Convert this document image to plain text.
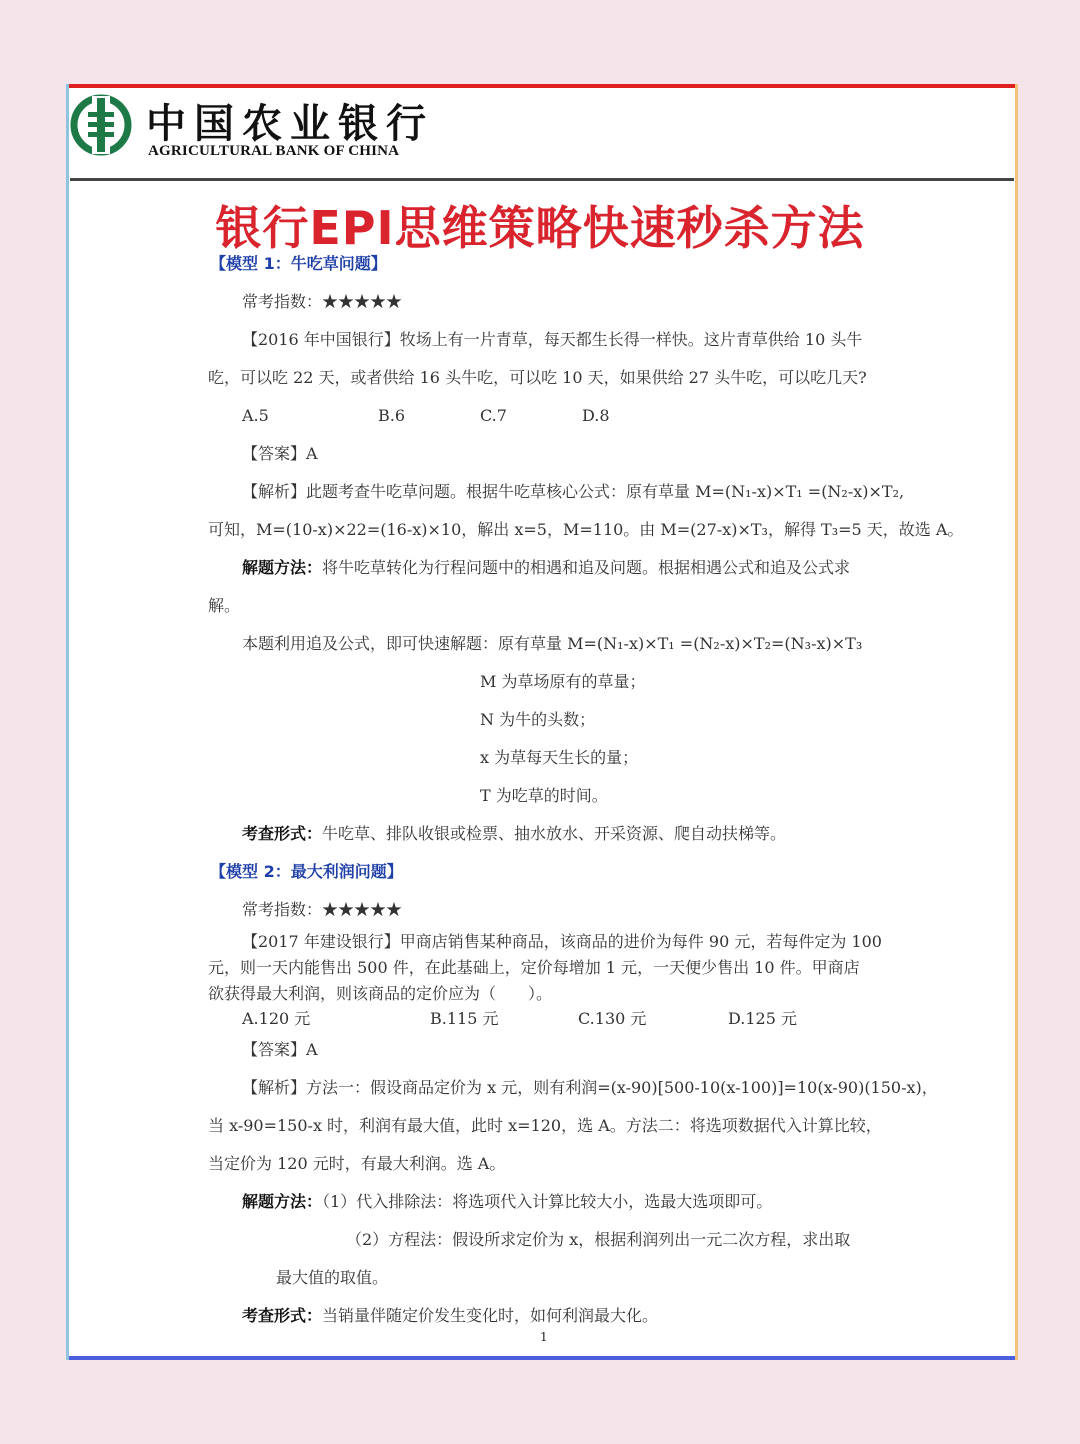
中国农业银行
AGRICULTURAL BANK OF CHINA
银行EPI思维策略快速秒杀方法
【模型 1：牛吃草问题】
常考指数：★★★★★
【2016 年中国银行】牧场上有一片青草，每天都生长得一样快。这片青草供给 10 头牛
吃，可以吃 22 天，或者供给 16 头牛吃，可以吃 10 天，如果供给 27 头牛吃，可以吃几天?
A.5	B.6	C.7	D.8
【答案】A
【解析】此题考查牛吃草问题。根据牛吃草核心公式：原有草量 M=(N₁-x)×T₁ =(N₂-x)×T₂,
可知，M=(10-x)×22=(16-x)×10，解出 x=5，M=110。由 M=(27-x)×T₃，解得 T₃=5 天，故选 A。
解题方法：将牛吃草转化为行程问题中的相遇和追及问题。根据相遇公式和追及公式求
解。
本题利用追及公式，即可快速解题：原有草量 M=(N₁-x)×T₁ =(N₂-x)×T₂=(N₃-x)×T₃
M 为草场原有的草量；
N 为牛的头数；
x 为草每天生长的量；
T 为吃草的时间。
考查形式：牛吃草、排队收银或检票、抽水放水、开采资源、爬自动扶梯等。
【模型 2：最大利润问题】
常考指数：★★★★★
【2017 年建设银行】甲商店销售某种商品，该商品的进价为每件 90 元，若每件定为 100
元，则一天内能售出 500 件，在此基础上，定价每增加 1 元，一天便少售出 10 件。甲商店
欲获得最大利润，则该商品的定价应为（　　）。
A.120 元	B.115 元	C.130 元	D.125 元
【答案】A
【解析】方法一：假设商品定价为 x 元，则有利润=(x-90)[500-10(x-100)]=10(x-90)(150-x)，
当 x-90=150-x 时，利润有最大值，此时 x=120，选 A。方法二：将选项数据代入计算比较，
当定价为 120 元时，有最大利润。选 A。
解题方法：（1）代入排除法：将选项代入计算比较大小，选最大选项即可。
（2）方程法：假设所求定价为 x，根据利润列出一元二次方程，求出取
最大值的取值。
考查形式：当销量伴随定价发生变化时，如何利润最大化。
1
